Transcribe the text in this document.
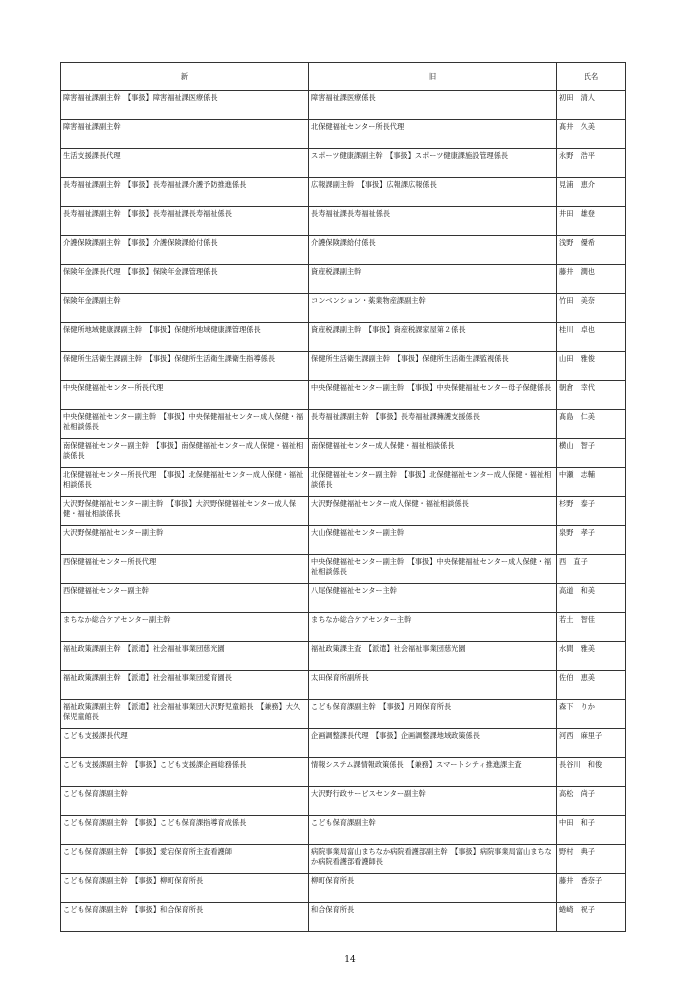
新	旧	氏名
障害福祉課副主幹　【事扱】障害福祉課医療係長	障害福祉課医療係長	初田　清人
障害福祉課副主幹	北保健福祉センター所長代理	髙井　久美
生活支援課長代理	スポーツ健康課副主幹　【事扱】スポーツ健康課施設管理係長	永野　浩平
長寿福祉課副主幹　【事扱】長寿福祉課介護予防推進係長	広報課副主幹　【事扱】広報課広報係長	見浦　恵介
長寿福祉課副主幹　【事扱】長寿福祉課長寿福祉係長	長寿福祉課長寿福祉係長	井田　雄登
介護保険課副主幹　【事扱】介護保険課給付係長	介護保険課給付係長	浅野　優希
保険年金課長代理　【事扱】保険年金課管理係長	資産税課副主幹	藤井　潤也
保険年金課副主幹	コンベンション・薬業物産課副主幹	竹田　美奈
保健所地域健康課副主幹　【事扱】保健所地域健康課管理係長	資産税課副主幹　【事扱】資産税課家屋第２係長	桂川　卓也
保健所生活衛生課副主幹　【事扱】保健所生活衛生課衛生指導係長	保健所生活衛生課副主幹　【事扱】保健所生活衛生課監視係長	山田　雅俊
中央保健福祉センター所長代理	中央保健福祉センター副主幹　【事扱】中央保健福祉センター母子保健係長	朝倉　幸代
中央保健福祉センター副主幹　【事扱】中央保健福祉センター成人保健・福祉相談係長	長寿福祉課副主幹　【事扱】長寿福祉課擁護支援係長	髙島　仁美
南保健福祉センター副主幹　【事扱】南保健福祉センター成人保健・福祉相談係長	南保健福祉センター成人保健・福祉相談係長	横山　智子
北保健福祉センター所長代理　【事扱】北保健福祉センター成人保健・福祉相談係長	北保健福祉センター副主幹　【事扱】北保健福祉センター成人保健・福祉相談係長	中瀬　志輔
大沢野保健福祉センター副主幹　【事扱】大沢野保健福祉センター成人保健・福祉相談係長	大沢野保健福祉センター成人保健・福祉相談係長	杉野　泰子
大沢野保健福祉センター副主幹	大山保健福祉センター副主幹	泉野　孝子
西保健福祉センター所長代理	中央保健福祉センター副主幹　【事扱】中央保健福祉センター成人保健・福祉相談係長	西　直子
西保健福祉センター副主幹	八尾保健福祉センター主幹	高道　和美
まちなか総合ケアセンター副主幹	まちなか総合ケアセンター主幹	若土　智佳
福祉政策課副主幹　【派遣】社会福祉事業団慈光園	福祉政策課主査　【派遣】社会福祉事業団慈光園	水間　雅美
福祉政策課副主幹　【派遣】社会福祉事業団愛育園長	太田保育所副所長	佐伯　恵美
福祉政策課副主幹　【派遣】社会福祉事業団大沢野児童館長　【兼務】大久保児童館長	こども保育課副主幹　【事扱】月岡保育所長	森下　りか
こども支援課長代理	企画調整課長代理　【事扱】企画調整課地域政策係長	河西　麻里子
こども支援課副主幹　【事扱】こども支援課企画総務係長	情報システム課情報政策係長　【兼務】スマートシティ推進課主査	長谷川　和俊
こども保育課副主幹	大沢野行政サービスセンター副主幹	高松　尚子
こども保育課副主幹　【事扱】こども保育課指導育成係長	こども保育課副主幹	中田　和子
こども保育課副主幹　【事扱】愛宕保育所主査看護師	病院事業局富山まちなか病院看護部副主幹　【事扱】病院事業局富山まちなか病院看護部看護師長	野村　典子
こども保育課副主幹　【事扱】柳町保育所長	柳町保育所長	藤井　香奈子
こども保育課副主幹　【事扱】和合保育所長	和合保育所長	蜷崎　祝子
14
